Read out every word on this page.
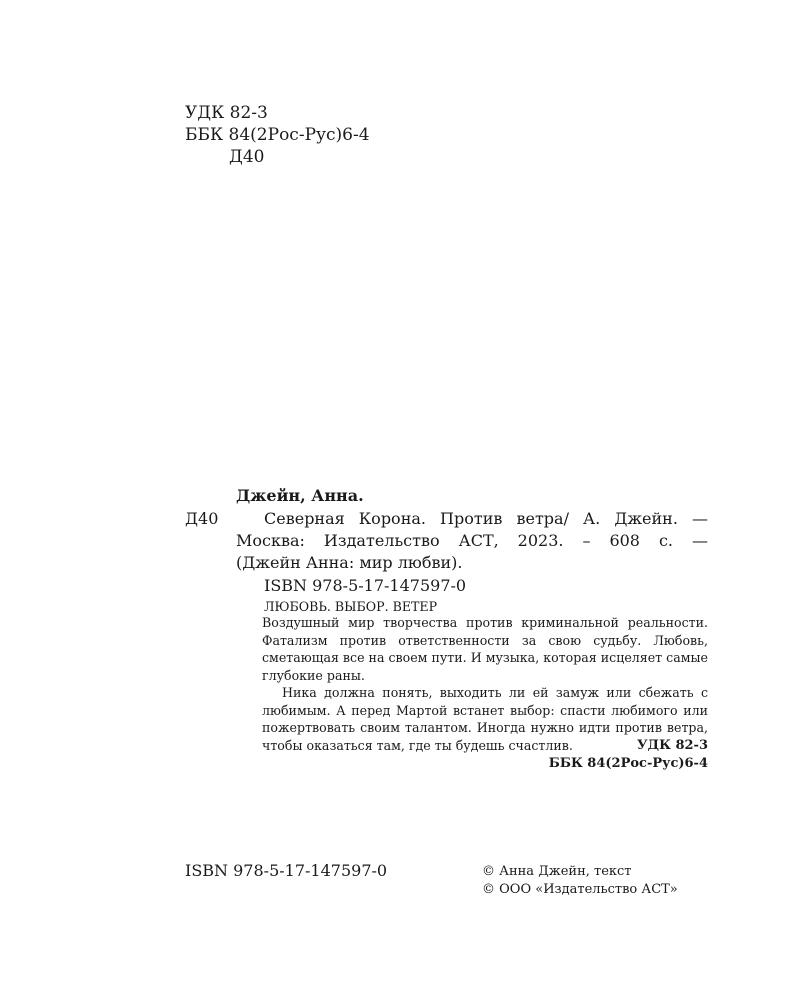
УДК 82-3
ББК 84(2Рос-Рус)6-4
Д40
Джейн, Анна.
Д40	Северная Корона. Против ветра/ А. Джейн. —
Москва: Издательство АСТ, 2023. – 608 с. —
(Джейн Анна: мир любви).
ISBN 978-5-17-147597-0
ЛЮБОВЬ. ВЫБОР. ВЕТЕР

Воздушный мир творчества против криминальной реальности. Фатализм против ответственности за свою судьбу. Любовь, сметающая все на своем пути. И музыка, которая исцеляет самые глубокие раны.

Ника должна понять, выходить ли ей замуж или сбежать с любимым. А перед Мартой встанет выбор: спасти любимого или пожертвовать своим талантом. Иногда нужно идти против ветра, чтобы оказаться там, где ты будешь счастлив.	УДК 82-3
ББК 84(2Рос-Рус)6-4
ISBN 978-5-17-147597-0	© Анна Джейн, текст
© ООО «Издательство АСТ»
